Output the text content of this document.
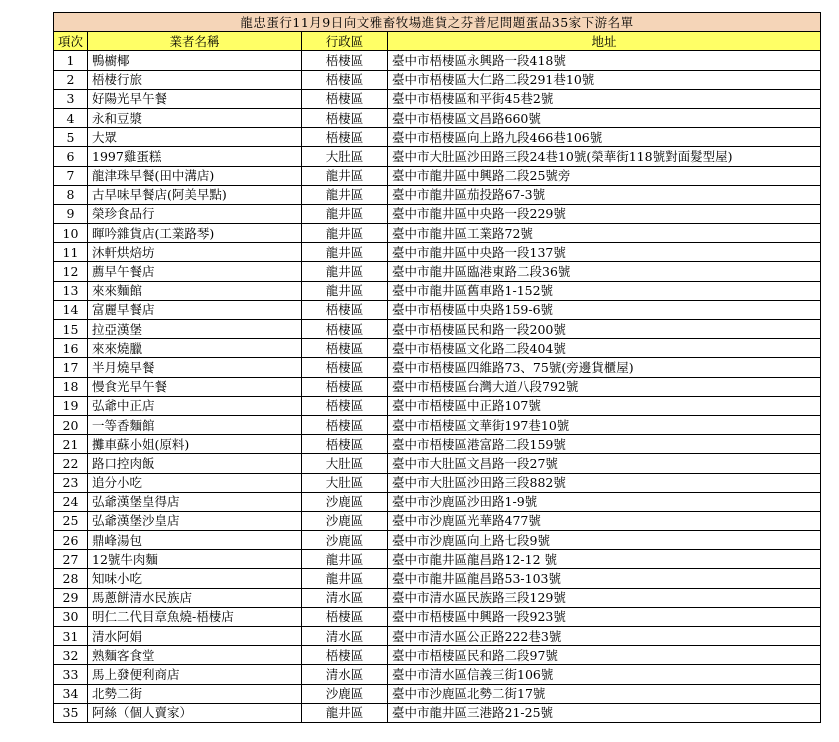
龍忠蛋行11月9日向文雅畜牧場進貨之芬普尼問題蛋品35家下游名單			
項次	業者名稱	行政區	地址
1	鴨櫥椰	梧棲區	臺中市梧棲區永興路一段418號
2	梧棲行旅	梧棲區	臺中市梧棲區大仁路二段291巷10號
3	好陽光早午餐	梧棲區	臺中市梧棲區和平街45巷2號
4	永和豆漿	梧棲區	臺中市梧棲區文昌路660號
5	大眾	梧棲區	臺中市梧棲區向上路九段466巷106號
6	1997雞蛋糕	大肚區	臺中市大肚區沙田路三段24巷10號(榮華街118號對面髮型屋)
7	龍津珠早餐(田中溝店)	龍井區	臺中市龍井區中興路二段25號旁
8	古早味早餐店(阿美早點)	龍井區	臺中市龍井區茄投路67-3號
9	榮珍食品行	龍井區	臺中市龍井區中央路一段229號
10	暉吟雜貨店(工業路琴)	龍井區	臺中市龍井區工業路72號
11	沐軒烘焙坊	龍井區	臺中市龍井區中央路一段137號
12	薦早午餐店	龍井區	臺中市龍井區臨港東路二段36號
13	來來麵館	龍井區	臺中市龍井區舊車路1-152號
14	富麗早餐店	梧棲區	臺中市梧棲區中央路159-6號
15	拉亞漢堡	梧棲區	臺中市梧棲區民和路一段200號
16	來來燒臘	梧棲區	臺中市梧棲區文化路二段404號
17	半月燒早餐	梧棲區	臺中市梧棲區四維路73、75號(旁邊貨櫃屋)
18	慢食光早午餐	梧棲區	臺中市梧棲區台灣大道八段792號
19	弘爺中正店	梧棲區	臺中市梧棲區中正路107號
20	一等香麵館	梧棲區	臺中市梧棲區文華街197巷10號
21	攤車蘇小姐(原料)	梧棲區	臺中市梧棲區港富路二段159號
22	路口控肉飯	大肚區	臺中市大肚區文昌路一段27號
23	追分小吃	大肚區	臺中市大肚區沙田路三段882號
24	弘爺漢堡皇得店	沙鹿區	臺中市沙鹿區沙田路1-9號
25	弘爺漢堡沙皇店	沙鹿區	臺中市沙鹿區光華路477號
26	鼎峰湯包	沙鹿區	臺中市沙鹿區向上路七段9號
27	12號牛肉麵	龍井區	臺中市龍井區龍昌路12-12 號
28	知味小吃	龍井區	臺中市龍井區龍昌路53-103號
29	馬蔥餅清水民族店	清水區	臺中市清水區民族路三段129號
30	明仁二代目章魚燒-梧棲店	梧棲區	臺中市梧棲區中興路一段923號
31	清水阿娟	清水區	臺中市清水區公正路222巷3號
32	熟麵客食堂	梧棲區	臺中市梧棲區民和路二段97號
33	馬上發便利商店	清水區	臺中市清水區信義三街106號
34	北勢二街	沙鹿區	臺中市沙鹿區北勢二街17號
35	阿絲（個人賣家）	龍井區	臺中市龍井區三港路21-25號
